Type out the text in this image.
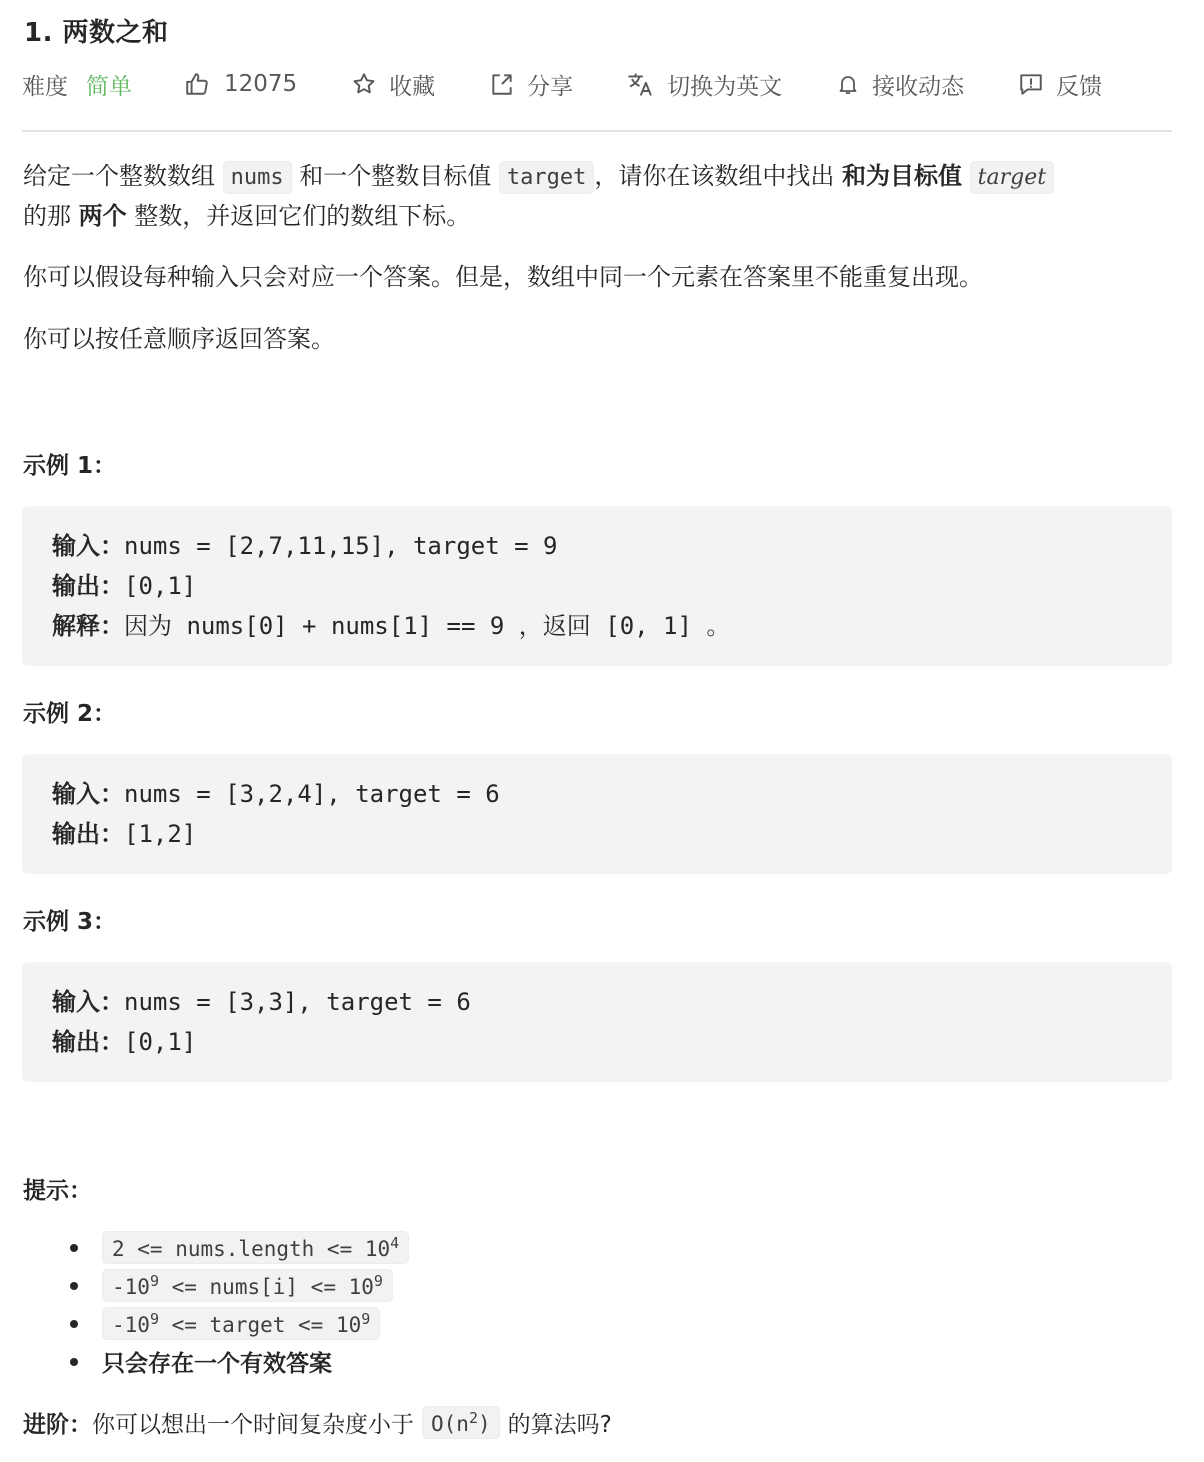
1. 两数之和
难度 简单	12075	收藏	分享	切换为英文	接收动态	反馈
给定一个整数数组 nums 和一个整数目标值 target ，请你在该数组中找出 和为目标值 target
的那 两个 整数，并返回它们的数组下标。
你可以假设每种输入只会对应一个答案。但是，数组中同一个元素在答案里不能重复出现。
你可以按任意顺序返回答案。
示例 1：
输入：nums = [2,7,11,15], target = 9
输出：[0,1]
解释：因为 nums[0] + nums[1] == 9 ，返回 [0, 1] 。
示例 2：
输入：nums = [3,2,4], target = 6
输出：[1,2]
示例 3：
输入：nums = [3,3], target = 6
输出：[0,1]
提示：
2 <= nums.length <= $10^4$
$-10^9$ <= nums[i] <= $10^9$
$-10^9$ <= target <= $10^9$
只会存在一个有效答案
进阶： 你可以想出一个时间复杂度小于 $O(n^2)$ 的算法吗?
